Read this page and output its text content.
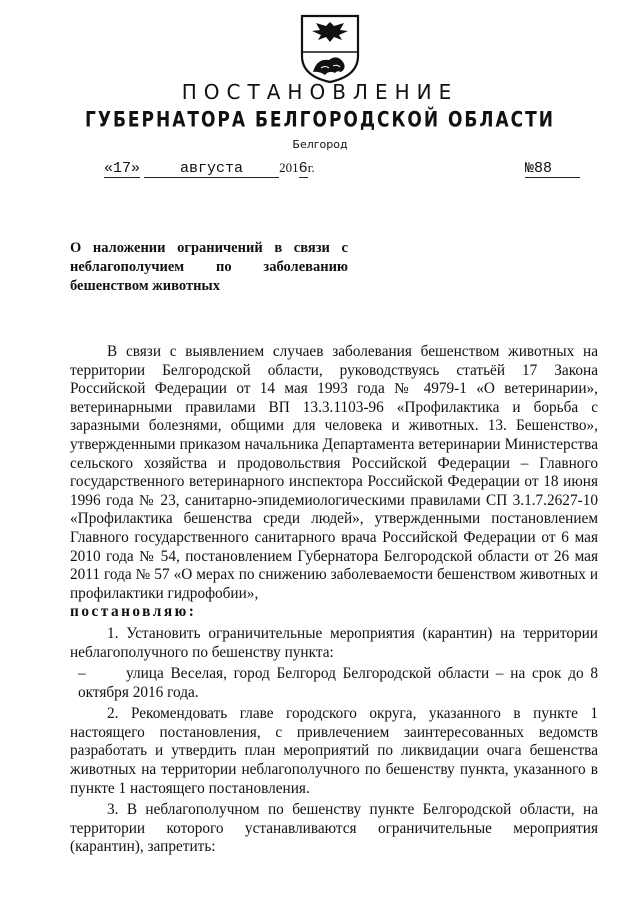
ПОСТАНОВЛЕНИЕ
ГУБЕРНАТОРА БЕЛГОРОДСКОЙ ОБЛАСТИ
Белгород
«17»    августа    2016г.	№88
О наложении ограничений в связи с неблагополучием по заболеванию бешенством животных

В связи с выявлением случаев заболевания бешенством животных на территории Белгородской области, руководствуясь статьёй 17 Закона Российской Федерации от 14 мая 1993 года № 4979-1 «О ветеринарии», ветеринарными правилами ВП 13.3.1103-96 «Профилактика и борьба с заразными болезнями, общими для человека и животных. 13. Бешенство», утвержденными приказом начальника Департамента ветеринарии Министерства сельского хозяйства и продовольствия Российской Федерации – Главного государственного ветеринарного инспектора Российской Федерации от 18 июня 1996 года № 23, санитарно-эпидемиологическими правилами СП 3.1.7.2627-10 «Профилактика бешенства среди людей», утвержденными постановлением Главного государственного санитарного врача Российской Федерации от 6 мая 2010 года № 54, постановлением Губернатора Белгородской области от 26 мая 2011 года № 57 «О мерах по снижению заболеваемости бешенством животных и профилактики гидрофобии»,

постановляю:

1. Установить ограничительные мероприятия (карантин) на территории неблагополучного по бешенству пункта:

–      улица Веселая, город Белгород Белгородской области – на срок до 8 октября 2016 года.

2. Рекомендовать главе городского округа, указанного в пункте 1 настоящего постановления, с привлечением заинтересованных ведомств разработать и утвердить план мероприятий по ликвидации очага бешенства животных на территории неблагополучного по бешенству пункта, указанного в пункте 1 настоящего постановления.

3. В неблагополучном по бешенству пункте Белгородской области, на территории которого устанавливаются ограничительные мероприятия (карантин), запретить:
